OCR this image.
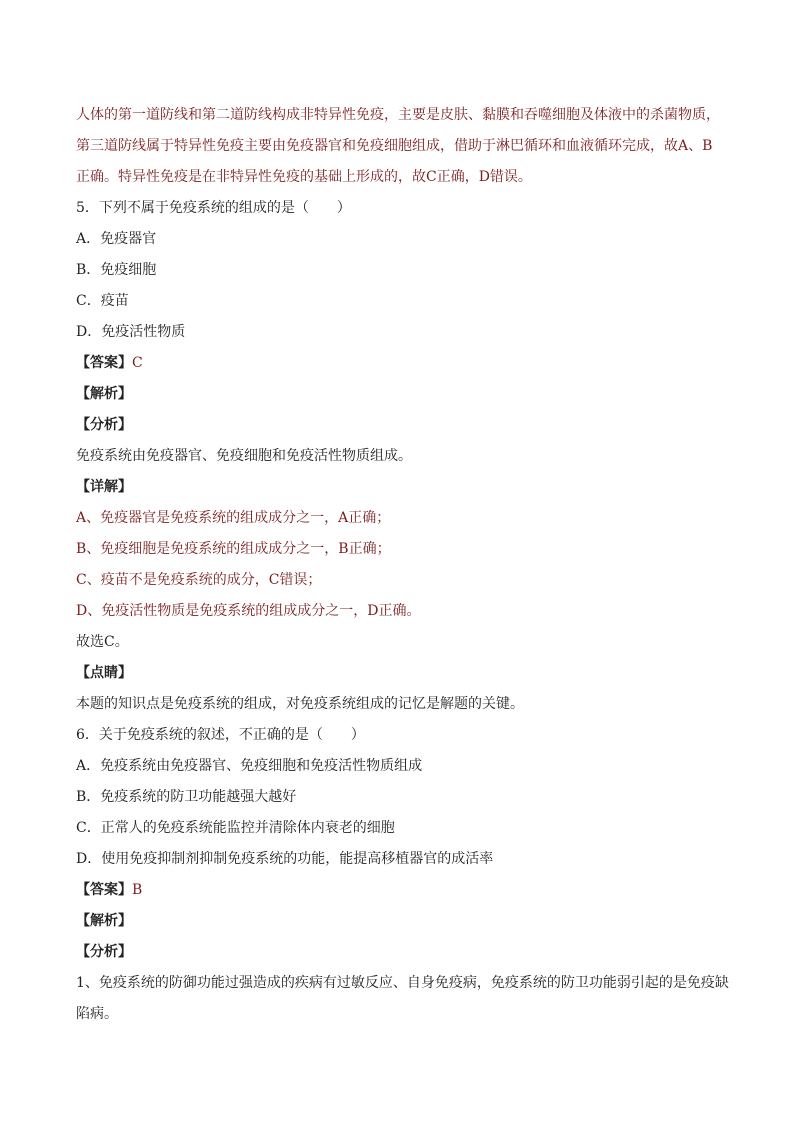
人体的第一道防线和第二道防线构成非特异性免疫，主要是皮肤、黏膜和吞噬细胞及体液中的杀菌物质，

第三道防线属于特异性免疫主要由免疫器官和免疫细胞组成，借助于淋巴循环和血液循环完成，故A、B

正确。特异性免疫是在非特异性免疫的基础上形成的，故C正确，D错误。

5．下列不属于免疫系统的组成的是（　　）

A．免疫器官

B．免疫细胞

C．疫苗

D．免疫活性物质

【答案】C

【解析】

【分析】

免疫系统由免疫器官、免疫细胞和免疫活性物质组成。

【详解】

A、免疫器官是免疫系统的组成成分之一，A正确；

B、免疫细胞是免疫系统的组成成分之一，B正确；

C、疫苗不是免疫系统的成分，C错误；

D、免疫活性物质是免疫系统的组成成分之一，D正确。

故选C。

【点睛】

本题的知识点是免疫系统的组成，对免疫系统组成的记忆是解题的关键。

6．关于免疫系统的叙述，不正确的是（　　）

A．免疫系统由免疫器官、免疫细胞和免疫活性物质组成

B．免疫系统的防卫功能越强大越好

C．正常人的免疫系统能监控并清除体内衰老的细胞

D．使用免疫抑制剂抑制免疫系统的功能，能提高移植器官的成活率

【答案】B

【解析】

【分析】

1、免疫系统的防御功能过强造成的疾病有过敏反应、自身免疫病，免疫系统的防卫功能弱引起的是免疫缺

陷病。
